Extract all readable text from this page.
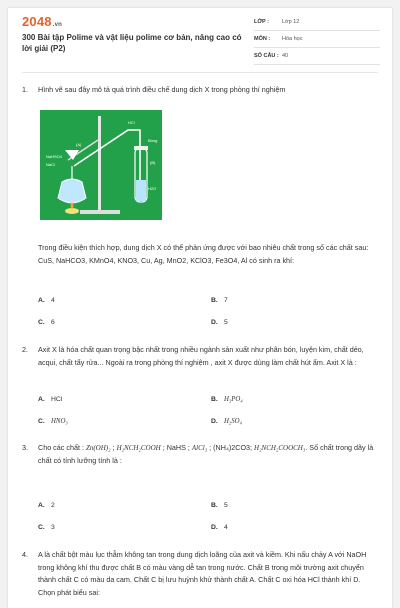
2048.vn
300 Bài tập Polime và vật liệu polime cơ bản, nâng cao có lời giải (P2)
LỚP :	Lớp 12
MÔN :	Hóa học
SỐ CÂU : 40
1. Hình vẽ sau đây mô tả quá trình điều chế dung dịch X trong phòng thí nghiệm
HCl
Bông
(A)
(B)
NaHSO4
NaCl
H2O
Trong điều kiện thích hợp, dung dịch X có thể phản ứng được với bao nhiêu chất trong số các chất sau: CuS, NaHCO3, KMnO4, KNO3, Cu, Ag, MnO2, KClO3, Fe3O4, Al có sinh ra khí:
A. 4	B. 7
C. 6	D. 5
2. Axit X là hóa chất quan trọng bậc nhất trong nhiều ngành sản xuất như phân bón, luyện kim, chất dẻo, acqui, chất tẩy rửa... Ngoài ra trong phòng thí nghiệm , axit X được dùng làm chất hút ẩm. Axit X là :
A. HCl	B. H₃PO₄
C. HNO₃	D. H₂SO₄
3. Cho các chất : Zn(OH)₂ ; H₂NCH₂COOH ; NaHS ; AlCl₃ ; (NH₄)2CO3; H₂NCH₂COOCH₃. Số chất trong dãy là chất có tính lưỡng tính là :
A. 2	B. 5
C. 3	D. 4
4. A là chất bột màu lục thẫm không tan trong dung dịch loãng của axit và kiềm. Khi nấu chảy A với NaOH trong không khí thu được chất B có màu vàng dễ tan trong nước. Chất B trong môi trường axit chuyển thành chất C có màu da cam. Chất C bị lưu huỳnh khử thành chất A. Chất C oxi hóa HCl thành khí D. Chọn phát biểu sai:
